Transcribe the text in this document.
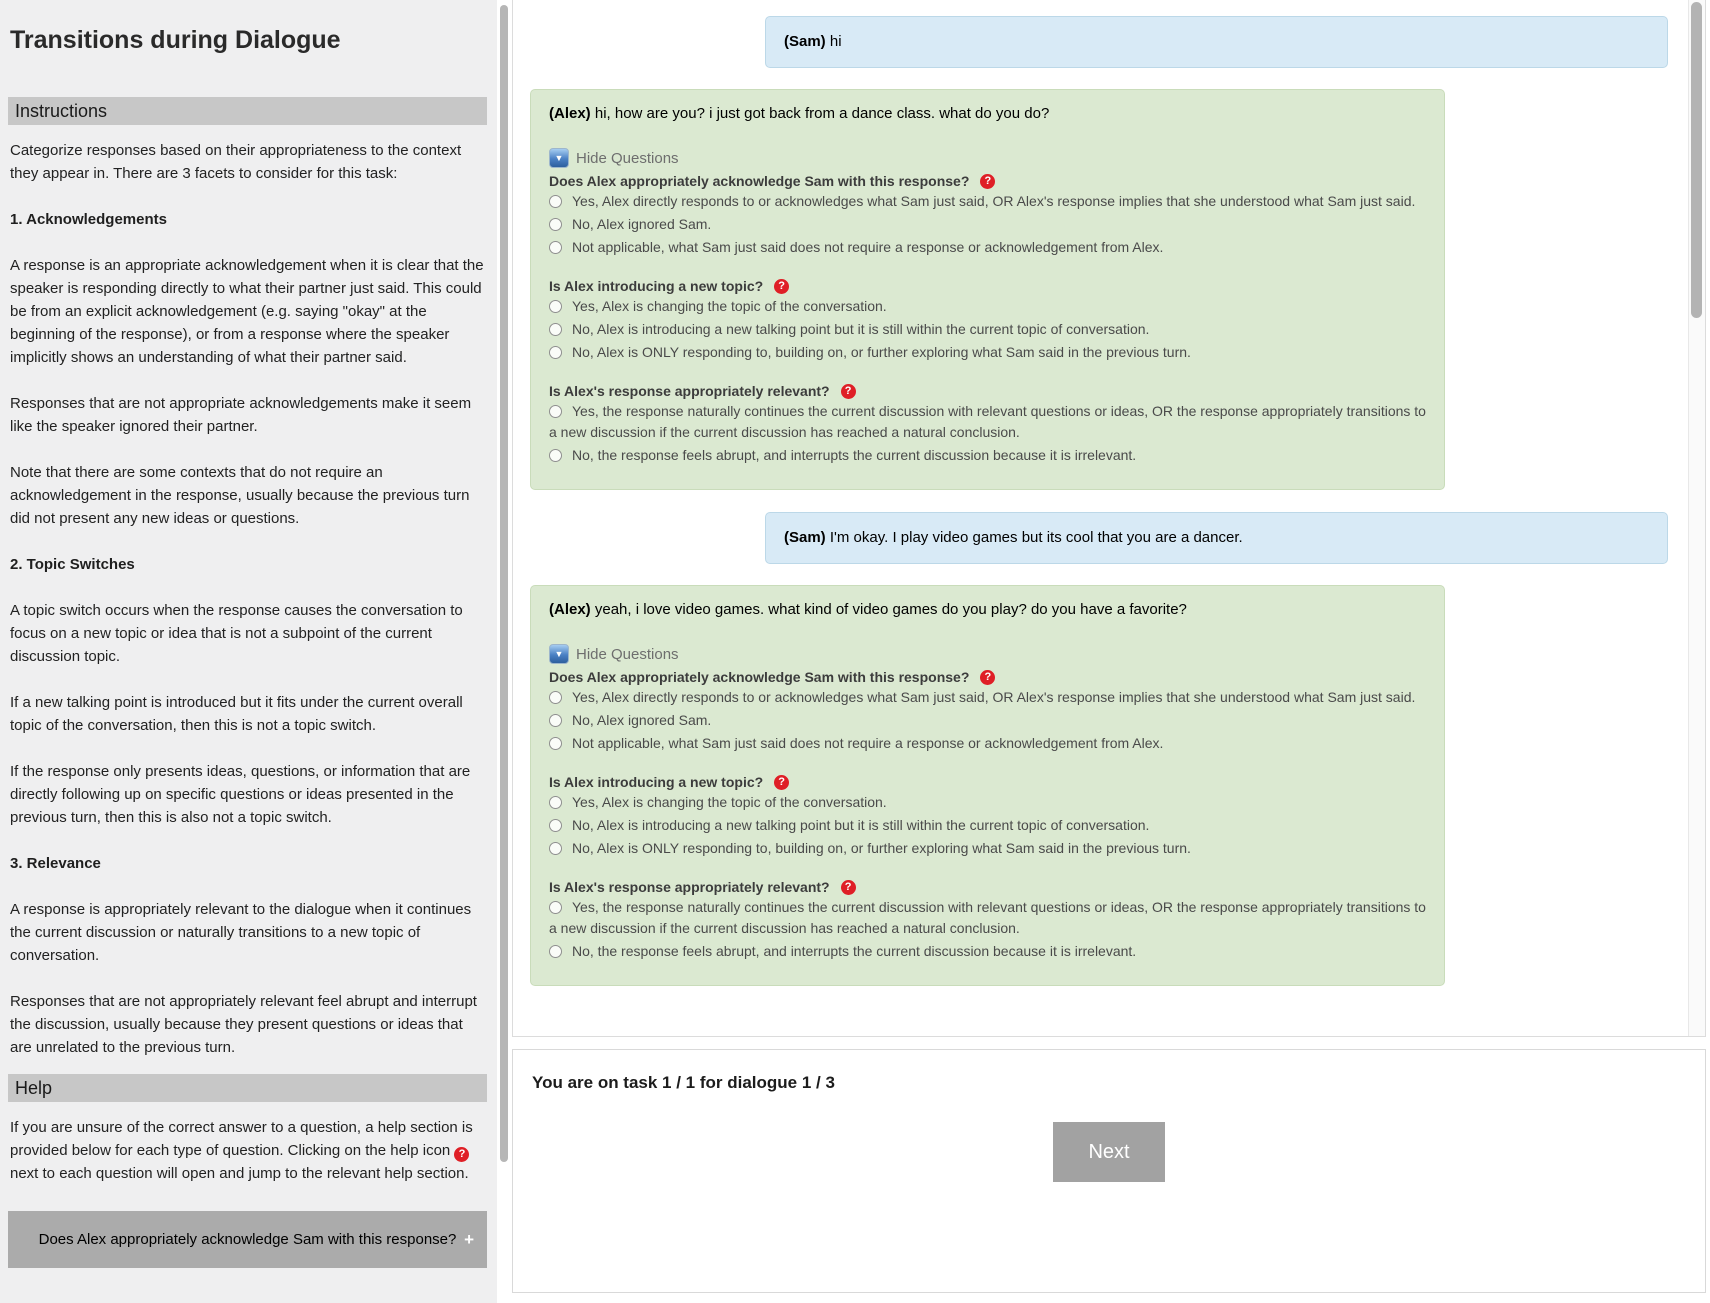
Transitions during Dialogue
Instructions

Categorize responses based on their appropriateness to the context they appear in. There are 3 facets to consider for this task:

1. Acknowledgements

A response is an appropriate acknowledgement when it is clear that the speaker is responding directly to what their partner just said. This could be from an explicit acknowledgement (e.g. saying "okay" at the beginning of the response), or from a response where the speaker implicitly shows an understanding of what their partner said.

Responses that are not appropriate acknowledgements make it seem like the speaker ignored their partner.

Note that there are some contexts that do not require an acknowledgement in the response, usually because the previous turn did not present any new ideas or questions.

2. Topic Switches

A topic switch occurs when the response causes the conversation to focus on a new topic or idea that is not a subpoint of the current discussion topic.

If a new talking point is introduced but it fits under the current overall topic of the conversation, then this is not a topic switch.

If the response only presents ideas, questions, or information that are directly following up on specific questions or ideas presented in the previous turn, then this is also not a topic switch.

3. Relevance

A response is appropriately relevant to the dialogue when it continues the current discussion or naturally transitions to a new topic of conversation.

Responses that are not appropriately relevant feel abrupt and interrupt the discussion, usually because they present questions or ideas that are unrelated to the previous turn.

Help

If you are unsure of the correct answer to a question, a help section is provided below for each type of question. Clicking on the help icon ? next to each question will open and jump to the relevant help section.

Does Alex appropriately acknowledge Sam with this response? +
(Sam) hi
(Alex) hi, how are you? i just got back from a dance class. what do you do?
▼ Hide Questions
Does Alex appropriately acknowledge Sam with this response?	?
Yes, Alex directly responds to or acknowledges what Sam just said, OR Alex's response implies that she understood what Sam just said.
No, Alex ignored Sam.
Not applicable, what Sam just said does not require a response or acknowledgement from Alex.
Is Alex introducing a new topic?	?
Yes, Alex is changing the topic of the conversation.
No, Alex is introducing a new talking point but it is still within the current topic of conversation.
No, Alex is ONLY responding to, building on, or further exploring what Sam said in the previous turn.
Is Alex's response appropriately relevant?	?
Yes, the response naturally continues the current discussion with relevant questions or ideas, OR the response appropriately transitions to a new discussion if the current discussion has reached a natural conclusion.
No, the response feels abrupt, and interrupts the current discussion because it is irrelevant.
(Sam) I'm okay. I play video games but its cool that you are a dancer.
(Alex) yeah, i love video games. what kind of video games do you play? do you have a favorite?
▼ Hide Questions
Does Alex appropriately acknowledge Sam with this response?	?
Yes, Alex directly responds to or acknowledges what Sam just said, OR Alex's response implies that she understood what Sam just said.
No, Alex ignored Sam.
Not applicable, what Sam just said does not require a response or acknowledgement from Alex.
Is Alex introducing a new topic?	?
Yes, Alex is changing the topic of the conversation.
No, Alex is introducing a new talking point but it is still within the current topic of conversation.
No, Alex is ONLY responding to, building on, or further exploring what Sam said in the previous turn.
Is Alex's response appropriately relevant?	?
Yes, the response naturally continues the current discussion with relevant questions or ideas, OR the response appropriately transitions to a new discussion if the current discussion has reached a natural conclusion.
No, the response feels abrupt, and interrupts the current discussion because it is irrelevant.

You are on task 1 / 1 for dialogue 1 / 3

Next
